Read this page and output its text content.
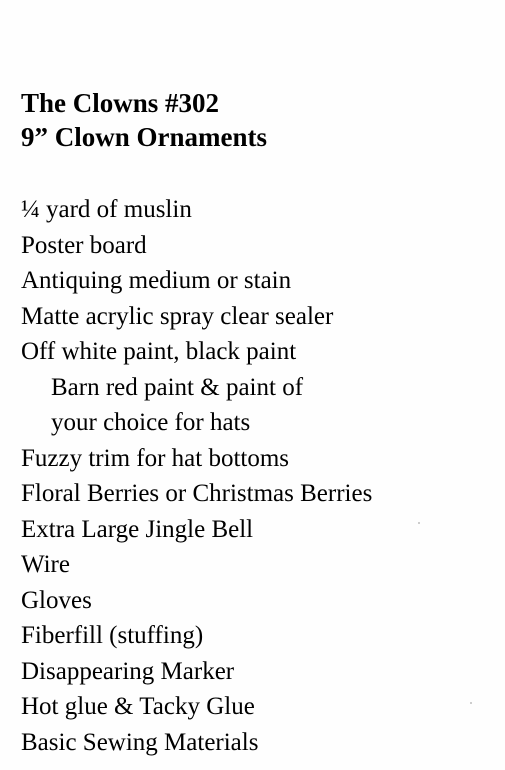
The Clowns #302
9” Clown Ornaments
¼ yard of muslin
Poster board
Antiquing medium or stain
Matte acrylic spray clear sealer
Off white paint, black paint
Barn red paint & paint of
your choice for hats
Fuzzy trim for hat bottoms
Floral Berries or Christmas Berries
Extra Large Jingle Bell
Wire
Gloves
Fiberfill (stuffing)
Disappearing Marker
Hot glue & Tacky Glue
Basic Sewing Materials
